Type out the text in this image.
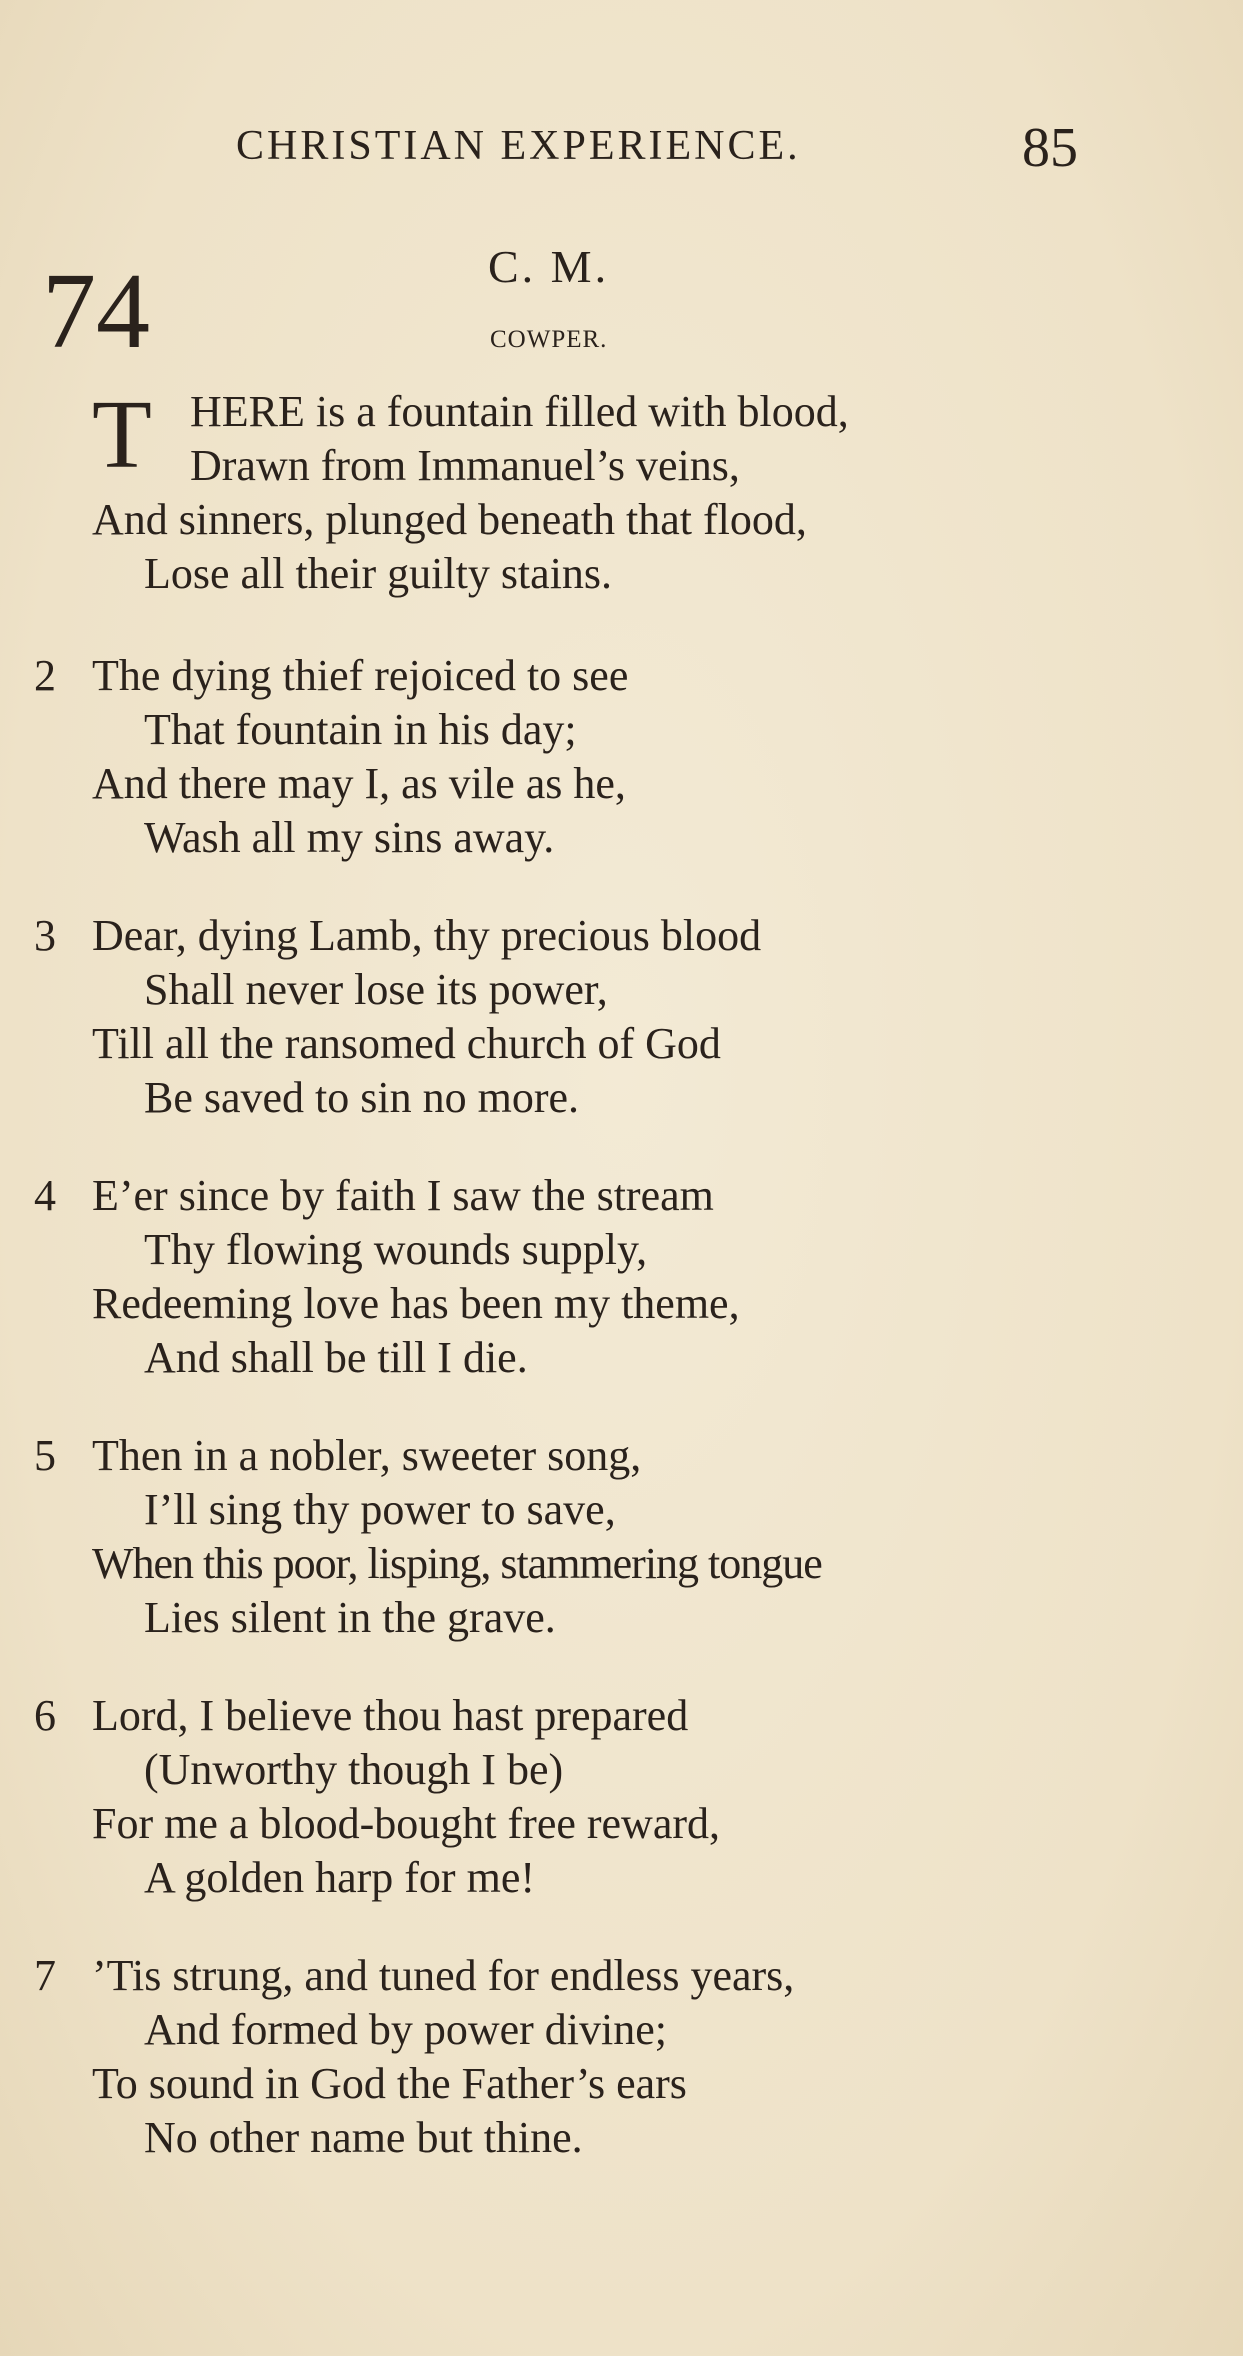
CHRISTIAN EXPERIENCE.	85
74	C. M.
COWPER.
T HERE is a fountain filled with blood,
Drawn from Immanuel’s veins,
And sinners, plunged beneath that flood,
Lose all their guilty stains.
2 The dying thief rejoiced to see
That fountain in his day;
And there may I, as vile as he,
Wash all my sins away.
3 Dear, dying Lamb, thy precious blood
Shall never lose its power,
Till all the ransomed church of God
Be saved to sin no more.
4 E’er since by faith I saw the stream
Thy flowing wounds supply,
Redeeming love has been my theme,
And shall be till I die.
5 Then in a nobler, sweeter song,
I’ll sing thy power to save,
When this poor, lisping, stammering tongue
Lies silent in the grave.
6 Lord, I believe thou hast prepared
(Unworthy though I be)
For me a blood-bought free reward,
A golden harp for me!
7 ’Tis strung, and tuned for endless years,
And formed by power divine;
To sound in God the Father’s ears
No other name but thine.
